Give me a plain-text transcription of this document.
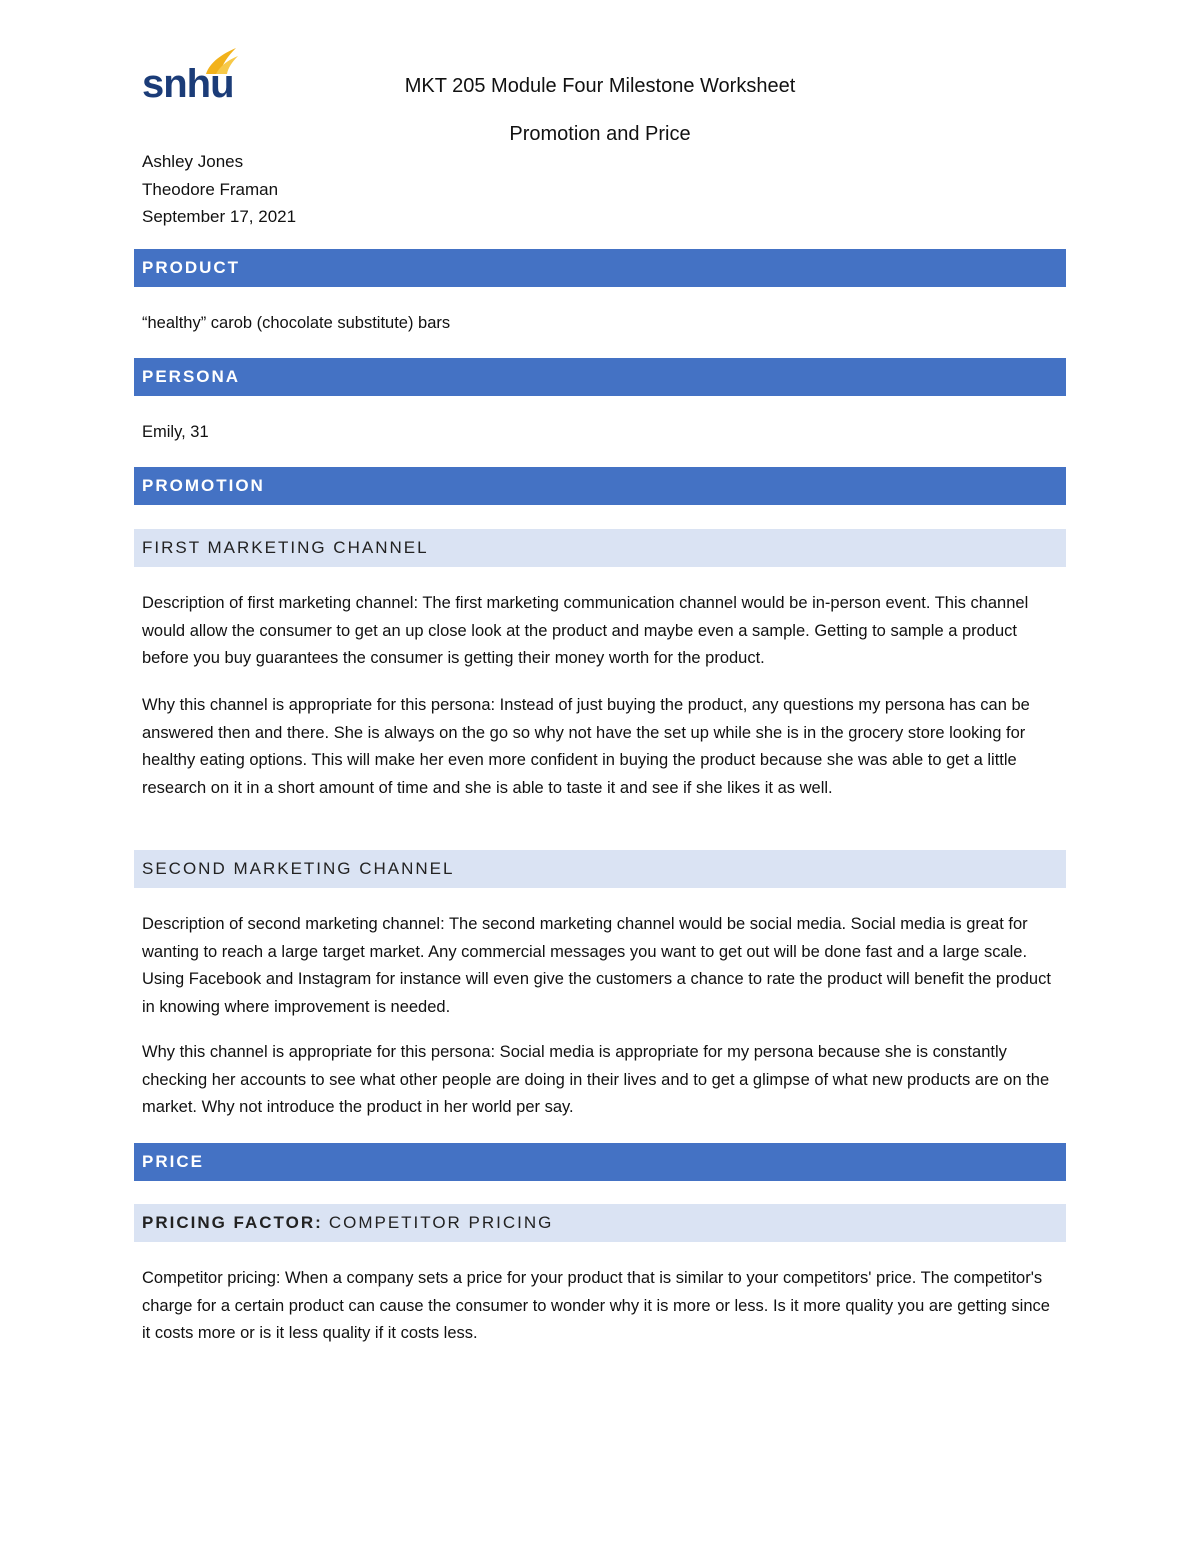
snhu	MKT 205 Module Four Milestone Worksheet
Promotion and Price
Ashley Jones
Theodore Framan
September 17, 2021
PRODUCT
“healthy” carob (chocolate substitute) bars
PERSONA
Emily, 31
PROMOTION
FIRST MARKETING CHANNEL
Description of first marketing channel: The first marketing communication channel would be in-person event. This channel would allow the consumer to get an up close look at the product and maybe even a sample. Getting to sample a product before you buy guarantees the consumer is getting their money worth for the product.
Why this channel is appropriate for this persona: Instead of just buying the product, any questions my persona has can be answered then and there. She is always on the go so why not have the set up while she is in the grocery store looking for healthy eating options. This will make her even more confident in buying the product because she was able to get a little research on it in a short amount of time and she is able to taste it and see if she likes it as well.
SECOND MARKETING CHANNEL
Description of second marketing channel: The second marketing channel would be social media. Social media is great for wanting to reach a large target market. Any commercial messages you want to get out will be done fast and a large scale. Using Facebook and Instagram for instance will even give the customers a chance to rate the product will benefit the product in knowing where improvement is needed.
Why this channel is appropriate for this persona: Social media is appropriate for my persona because she is constantly checking her accounts to see what other people are doing in their lives and to get a glimpse of what new products are on the market. Why not introduce the product in her world per say.
PRICE
PRICING FACTOR: COMPETITOR PRICING
Competitor pricing: When a company sets a price for your product that is similar to your competitors' price. The competitor's charge for a certain product can cause the consumer to wonder why it is more or less. Is it more quality you are getting since it costs more or is it less quality if it costs less.
